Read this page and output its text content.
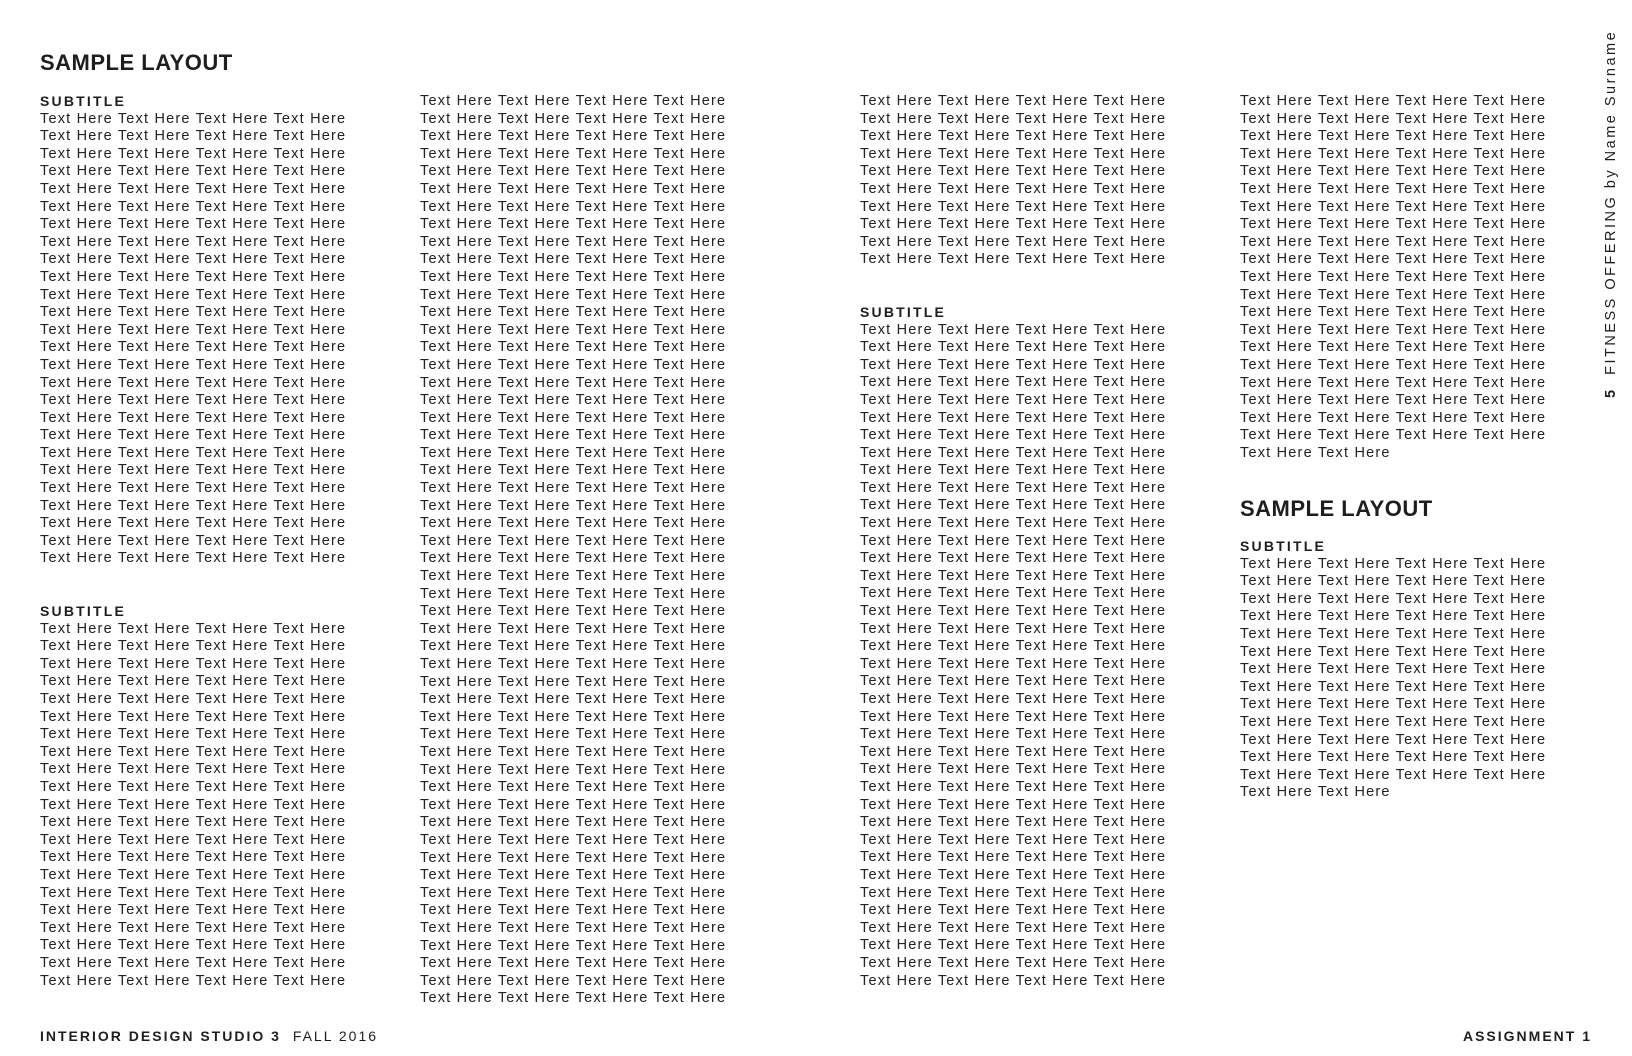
SAMPLE LAYOUT
SUBTITLE
Text Here Text Here Text Here Text Here
Text Here Text Here Text Here Text Here
Text Here Text Here Text Here Text Here
Text Here Text Here Text Here Text Here
Text Here Text Here Text Here Text Here
Text Here Text Here Text Here Text Here
Text Here Text Here Text Here Text Here
Text Here Text Here Text Here Text Here
Text Here Text Here Text Here Text Here
Text Here Text Here Text Here Text Here
Text Here Text Here Text Here Text Here
Text Here Text Here Text Here Text Here
Text Here Text Here Text Here Text Here
Text Here Text Here Text Here Text Here
Text Here Text Here Text Here Text Here
Text Here Text Here Text Here Text Here
Text Here Text Here Text Here Text Here
Text Here Text Here Text Here Text Here
Text Here Text Here Text Here Text Here
Text Here Text Here Text Here Text Here
Text Here Text Here Text Here Text Here
Text Here Text Here Text Here Text Here
Text Here Text Here Text Here Text Here
Text Here Text Here Text Here Text Here
Text Here Text Here Text Here Text Here
Text Here Text Here Text Here Text Here
SUBTITLE
Text Here Text Here Text Here Text Here
Text Here Text Here Text Here Text Here
Text Here Text Here Text Here Text Here
Text Here Text Here Text Here Text Here
Text Here Text Here Text Here Text Here
Text Here Text Here Text Here Text Here
Text Here Text Here Text Here Text Here
Text Here Text Here Text Here Text Here
Text Here Text Here Text Here Text Here
Text Here Text Here Text Here Text Here
Text Here Text Here Text Here Text Here
Text Here Text Here Text Here Text Here
Text Here Text Here Text Here Text Here
Text Here Text Here Text Here Text Here
Text Here Text Here Text Here Text Here
Text Here Text Here Text Here Text Here
Text Here Text Here Text Here Text Here
Text Here Text Here Text Here Text Here
Text Here Text Here Text Here Text Here
Text Here Text Here Text Here Text Here
Text Here Text Here Text Here Text Here
Text Here Text Here Text Here Text Here
Text Here Text Here Text Here Text Here
Text Here Text Here Text Here Text Here
Text Here Text Here Text Here Text Here
Text Here Text Here Text Here Text Here
Text Here Text Here Text Here Text Here
Text Here Text Here Text Here Text Here
Text Here Text Here Text Here Text Here
Text Here Text Here Text Here Text Here
Text Here Text Here Text Here Text Here
Text Here Text Here Text Here Text Here
Text Here Text Here Text Here Text Here
Text Here Text Here Text Here Text Here
Text Here Text Here Text Here Text Here
Text Here Text Here Text Here Text Here
Text Here Text Here Text Here Text Here
Text Here Text Here Text Here Text Here
Text Here Text Here Text Here Text Here
Text Here Text Here Text Here Text Here
Text Here Text Here Text Here Text Here
Text Here Text Here Text Here Text Here
Text Here Text Here Text Here Text Here
Text Here Text Here Text Here Text Here
Text Here Text Here Text Here Text Here
Text Here Text Here Text Here Text Here
Text Here Text Here Text Here Text Here
Text Here Text Here Text Here Text Here
Text Here Text Here Text Here Text Here
Text Here Text Here Text Here Text Here
Text Here Text Here Text Here Text Here
Text Here Text Here Text Here Text Here
Text Here Text Here Text Here Text Here
Text Here Text Here Text Here Text Here
Text Here Text Here Text Here Text Here
Text Here Text Here Text Here Text Here
Text Here Text Here Text Here Text Here
Text Here Text Here Text Here Text Here
Text Here Text Here Text Here Text Here
Text Here Text Here Text Here Text Here
Text Here Text Here Text Here Text Here
Text Here Text Here Text Here Text Here
Text Here Text Here Text Here Text Here
Text Here Text Here Text Here Text Here
Text Here Text Here Text Here Text Here
Text Here Text Here Text Here Text Here
Text Here Text Here Text Here Text Here
Text Here Text Here Text Here Text Here
Text Here Text Here Text Here Text Here
Text Here Text Here Text Here Text Here
Text Here Text Here Text Here Text Here
Text Here Text Here Text Here Text Here
Text Here Text Here Text Here Text Here
Text Here Text Here Text Here Text Here
Text Here Text Here Text Here Text Here
Text Here Text Here Text Here Text Here
Text Here Text Here Text Here Text Here
Text Here Text Here Text Here Text Here
Text Here Text Here Text Here Text Here
Text Here Text Here Text Here Text Here
Text Here Text Here Text Here Text Here
Text Here Text Here Text Here Text Here
Text Here Text Here Text Here Text Here
SUBTITLE
Text Here Text Here Text Here Text Here
Text Here Text Here Text Here Text Here
Text Here Text Here Text Here Text Here
Text Here Text Here Text Here Text Here
Text Here Text Here Text Here Text Here
Text Here Text Here Text Here Text Here
Text Here Text Here Text Here Text Here
Text Here Text Here Text Here Text Here
Text Here Text Here Text Here Text Here
Text Here Text Here Text Here Text Here
Text Here Text Here Text Here Text Here
Text Here Text Here Text Here Text Here
Text Here Text Here Text Here Text Here
Text Here Text Here Text Here Text Here
Text Here Text Here Text Here Text Here
Text Here Text Here Text Here Text Here
Text Here Text Here Text Here Text Here
Text Here Text Here Text Here Text Here
Text Here Text Here Text Here Text Here
Text Here Text Here Text Here Text Here
Text Here Text Here Text Here Text Here
Text Here Text Here Text Here Text Here
Text Here Text Here Text Here Text Here
Text Here Text Here Text Here Text Here
Text Here Text Here Text Here Text Here
Text Here Text Here Text Here Text Here
Text Here Text Here Text Here Text Here
Text Here Text Here Text Here Text Here
Text Here Text Here Text Here Text Here
Text Here Text Here Text Here Text Here
Text Here Text Here Text Here Text Here
Text Here Text Here Text Here Text Here
Text Here Text Here Text Here Text Here
Text Here Text Here Text Here Text Here
Text Here Text Here Text Here Text Here
Text Here Text Here Text Here Text Here
Text Here Text Here Text Here Text Here
Text Here Text Here Text Here Text Here
Text Here Text Here Text Here Text Here
Text Here Text Here Text Here Text Here
Text Here Text Here Text Here Text Here
Text Here Text Here Text Here Text Here
Text Here Text Here Text Here Text Here
Text Here Text Here Text Here Text Here
Text Here Text Here Text Here Text Here
Text Here Text Here Text Here Text Here
Text Here Text Here Text Here Text Here
Text Here Text Here Text Here Text Here
Text Here Text Here Text Here Text Here
Text Here Text Here Text Here Text Here
Text Here Text Here Text Here Text Here
Text Here Text Here Text Here Text Here
Text Here Text Here Text Here Text Here
Text Here Text Here Text Here Text Here
Text Here Text Here Text Here Text Here
Text Here Text Here Text Here Text Here
Text Here Text Here Text Here Text Here
Text Here Text Here Text Here Text Here
Text Here Text Here
SAMPLE LAYOUT
SUBTITLE
Text Here Text Here Text Here Text Here
Text Here Text Here Text Here Text Here
Text Here Text Here Text Here Text Here
Text Here Text Here Text Here Text Here
Text Here Text Here Text Here Text Here
Text Here Text Here Text Here Text Here
Text Here Text Here Text Here Text Here
Text Here Text Here Text Here Text Here
Text Here Text Here Text Here Text Here
Text Here Text Here Text Here Text Here
Text Here Text Here Text Here Text Here
Text Here Text Here Text Here Text Here
Text Here Text Here Text Here Text Here
Text Here Text Here
INTERIOR DESIGN STUDIO 3 FALL 2016	ASSIGNMENT 1
5 FITNESS OFFERING by Name Surname
